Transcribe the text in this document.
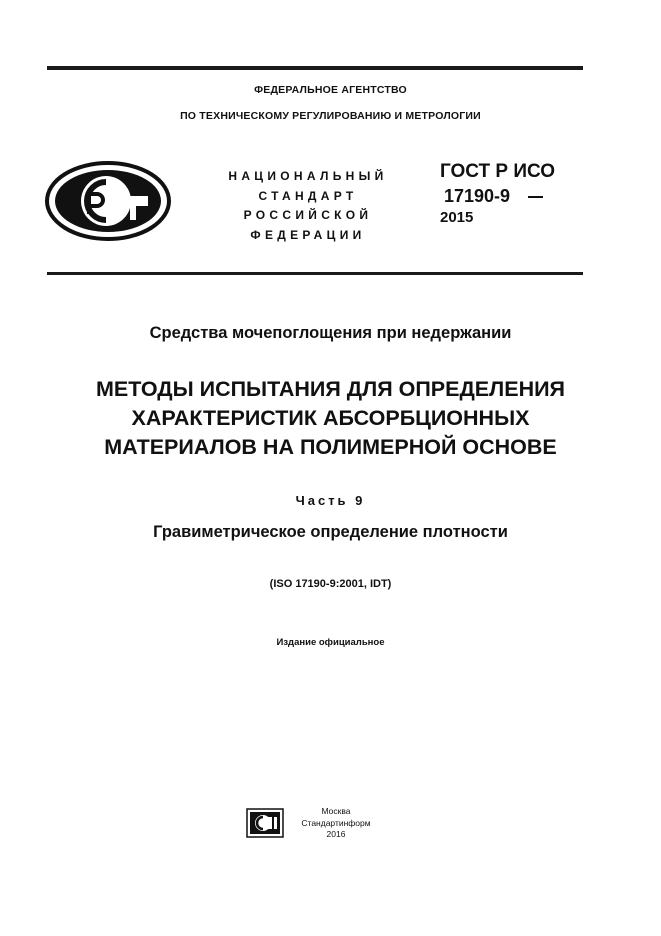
ФЕДЕРАЛЬНОЕ АГЕНТСТВО
ПО ТЕХНИЧЕСКОМУ РЕГУЛИРОВАНИЮ И МЕТРОЛОГИИ
НАЦИОНАЛЬНЫЙ
СТАНДАРТ
РОССИЙСКОЙ
ФЕДЕРАЦИИ
ГОСТ Р ИСО
17190-9
2015
Средства мочепоглощения при недержании
МЕТОДЫ ИСПЫТАНИЯ ДЛЯ ОПРЕДЕЛЕНИЯ
ХАРАКТЕРИСТИК АБСОРБЦИОННЫХ
МАТЕРИАЛОВ НА ПОЛИМЕРНОЙ ОСНОВЕ
Часть 9
Гравиметрическое определение плотности
(ISO 17190-9:2001, IDT)
Издание официальное
Москва
Стандартинформ
2016
